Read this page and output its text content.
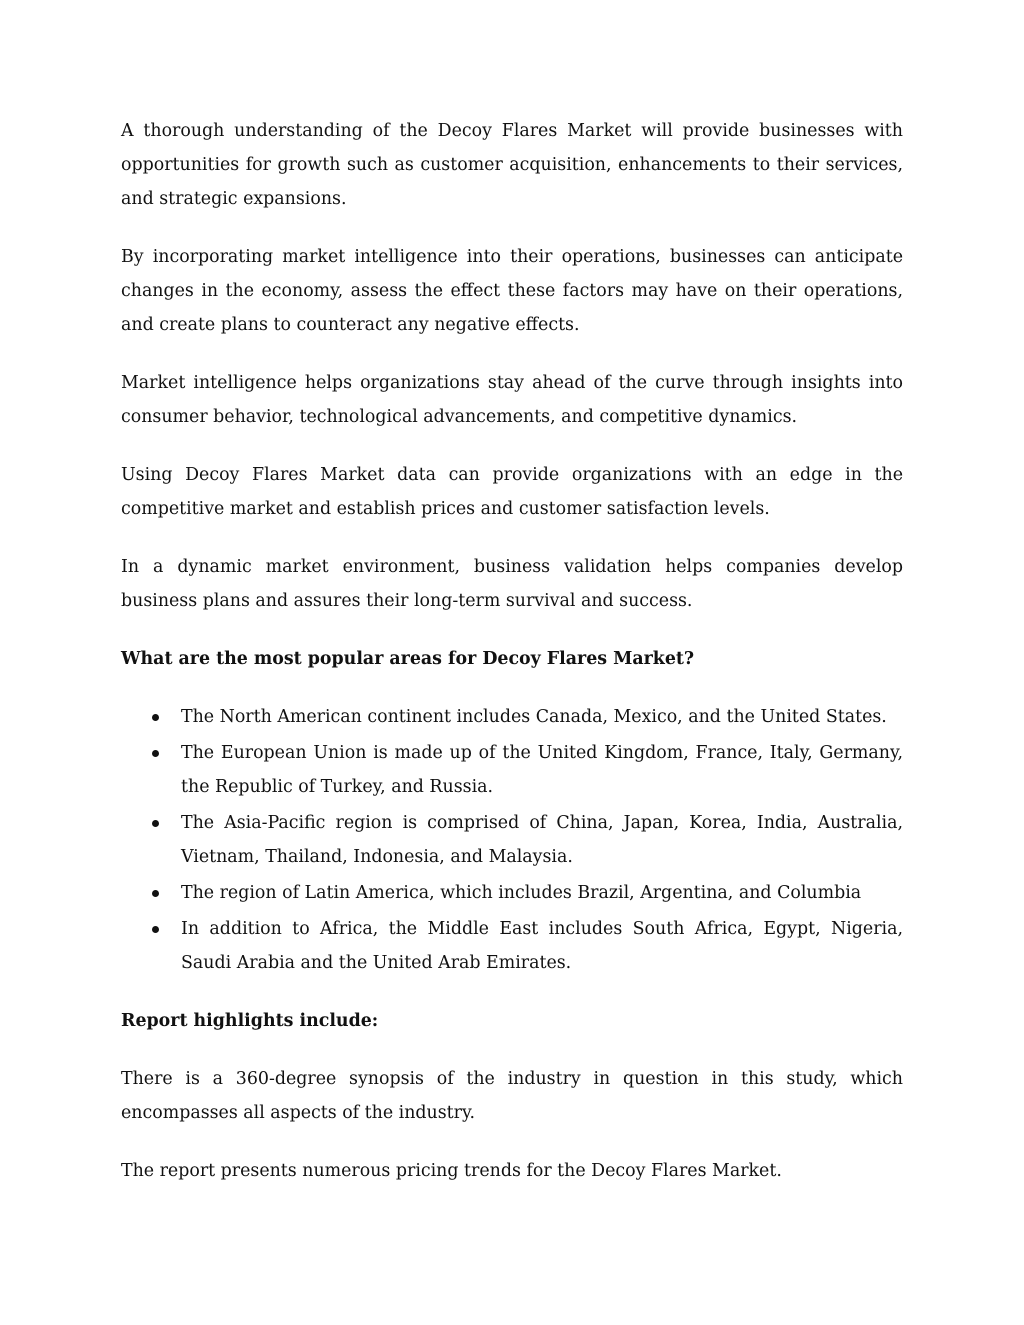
A thorough understanding of the Decoy Flares Market will provide businesses with opportunities for growth such as customer acquisition, enhancements to their services, and strategic expansions.

By incorporating market intelligence into their operations, businesses can anticipate changes in the economy, assess the effect these factors may have on their operations, and create plans to counteract any negative effects.

Market intelligence helps organizations stay ahead of the curve through insights into consumer behavior, technological advancements, and competitive dynamics.

Using Decoy Flares Market data can provide organizations with an edge in the competitive market and establish prices and customer satisfaction levels.

In a dynamic market environment, business validation helps companies develop business plans and assures their long-term survival and success.

What are the most popular areas for Decoy Flares Market?

The North American continent includes Canada, Mexico, and the United States.
The European Union is made up of the United Kingdom, France, Italy, Germany, the Republic of Turkey, and Russia.
The Asia-Pacific region is comprised of China, Japan, Korea, India, Australia, Vietnam, Thailand, Indonesia, and Malaysia.
The region of Latin America, which includes Brazil, Argentina, and Columbia
In addition to Africa, the Middle East includes South Africa, Egypt, Nigeria, Saudi Arabia and the United Arab Emirates.

Report highlights include:

There is a 360-degree synopsis of the industry in question in this study, which encompasses all aspects of the industry.

The report presents numerous pricing trends for the Decoy Flares Market.
